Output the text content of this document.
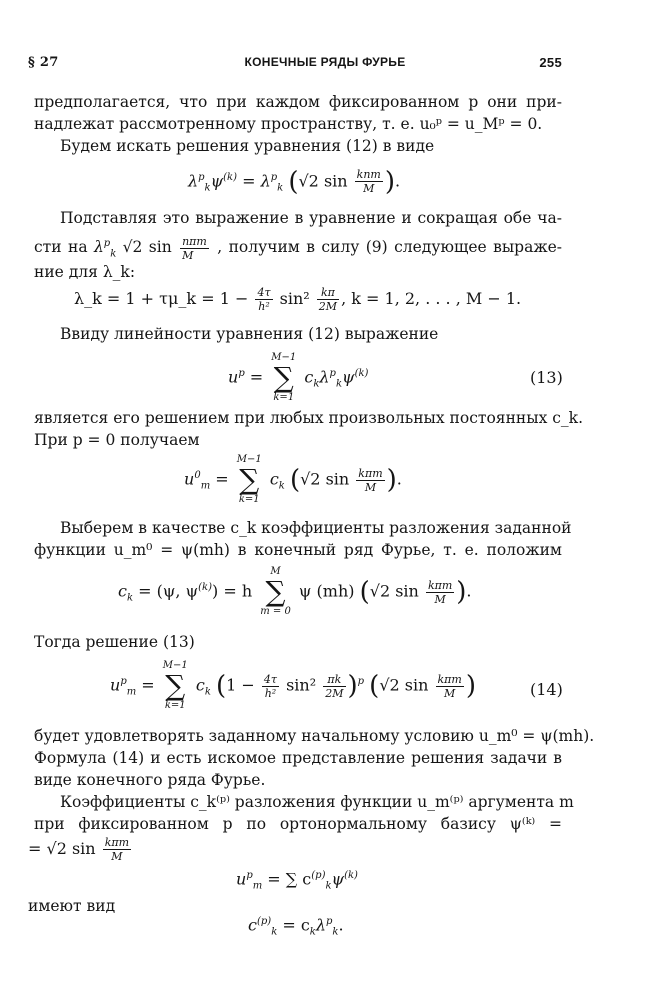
§ 27	КОНЕЧНЫЕ РЯДЫ ФУРЬЕ	255
предполагается, что при каждом фиксированном p они при-
надлежат рассмотренному пространству, т. е. u₀ᵖ = u_Mᵖ = 0.
Будем искать решения уравнения (12) в виде
$\lambda^p_k\psi^{(k)} = \lambda^p_k$ (√2 $\sin \frac{\text{knm}}{M}$ ).
Подставляя это выражение в уравнение и сокращая обе ча-
сти на $\lambda^p_k$ √2 $\sin \frac{\text{nπm}}{M}$ , получим в силу (9) следующее выраже-
ние для λ_k:
λ_k = 1 + τμ_k = $1 - \frac{4\tau}{\text{h²}} \sin^2 \frac{k\pi}{2M}$ , k = 1, 2, . . . , M − 1.
Ввиду линейности уравнения (12) выражение
$u^p$ =
M−1
∑
k=1
$c_k\lambda^p_k\psi^{(k)}$	(13)
является его решением при любых произвольных постоянных c_k.
При p = 0 получаем
$u^0_m$ =
M−1
∑
k=1
$c_k$ (√2 $\sin \frac{\text{kπm}}{M}$ ).
Выберем в качестве c_k коэффициенты разложения заданной
функции u_m⁰ = ψ(mh) в конечный ряд Фурье, т. е. положим
$c_k = (\psi$, $\psi^{(k)}) = h$
M
∑
m = 0
ψ (mh) (√2 $\sin \frac{\text{kπm}}{M}$ ).
Тогда решение (13)
$u^p_m$ =
M−1
∑
k=1
$c_k$ $(1 - \frac{4\tau}{\text{h²}} \sin^2 \frac{\pi k}{2M} )^p$ (√2 $\sin \frac{\text{kπm}}{M}$ )	(14)
будет удовлетворять заданному начальному условию u_m⁰ = ψ(mh).
Формула (14) и есть искомое представление решения задачи в
виде конечного ряда Фурье.
Коэффициенты c_k⁽ᵖ⁾ разложения функции u_m⁽ᵖ⁾ аргумента m
при фиксированном p по ортонормальному базису ψ⁽ᵏ⁾ =
= √2 $\sin \frac{\text{kπm}}{M}$
$u^p_m$ = ∑ $c^{(p)}_k\psi^{(k)}$
имеют вид
$c^{(p)}_k = c_k\lambda^p_k$.
